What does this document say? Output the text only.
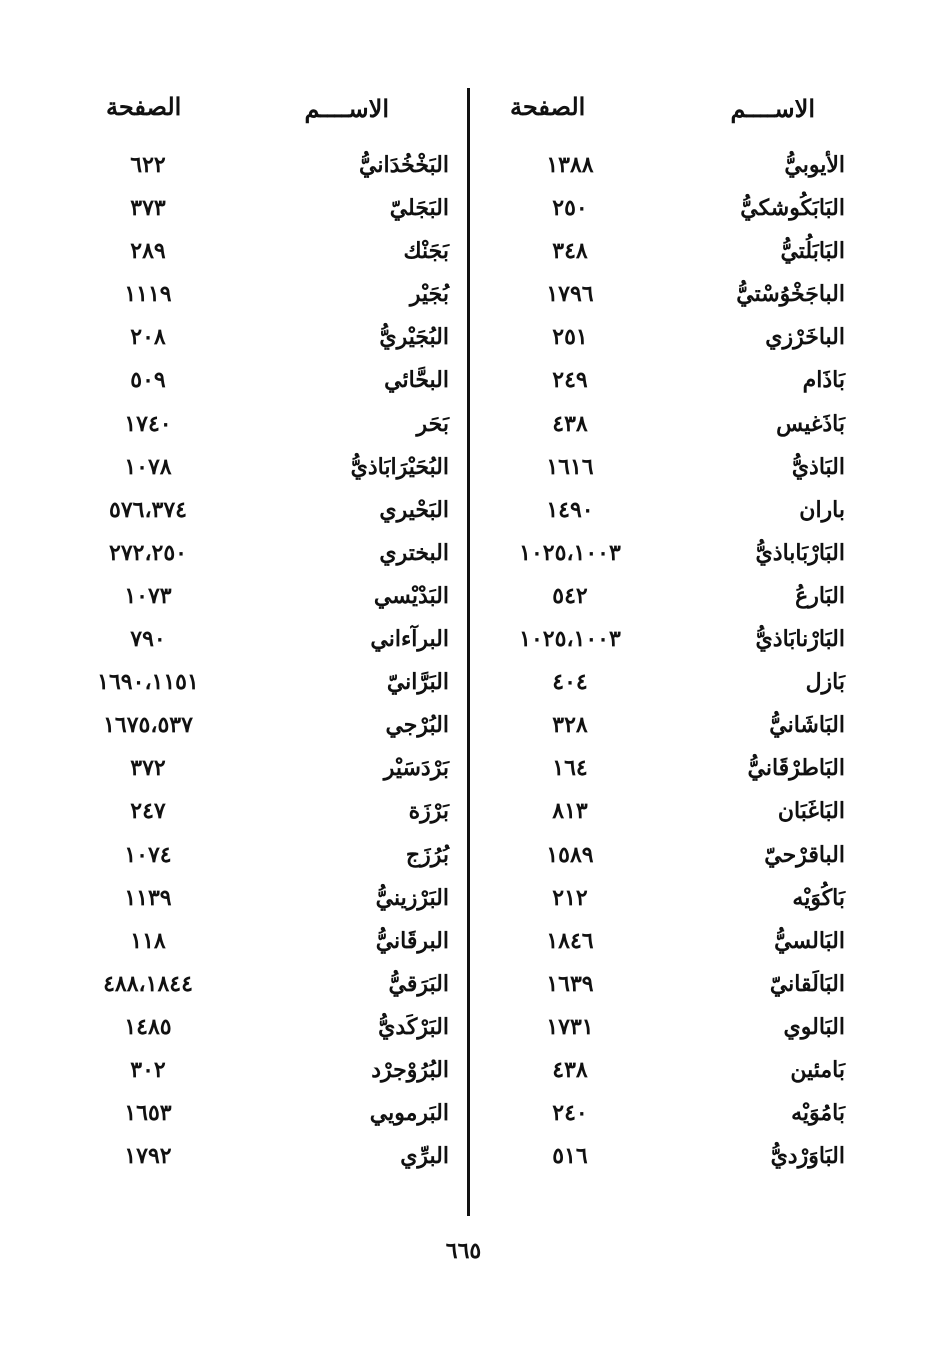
الاســــم
الصفحة
الأيوبيُّ
١٣٨٨
البَابَكُوشكيُّ
٢٥٠
البَابَلُتيُّ
٣٤٨
الباجَخْوُسْتيُّ
١٧٩٦
الباخَرْزي
٢٥١
بَاذَام
٢٤٩
بَاذَغيس
٤٣٨
البَاذيُّ
١٦١٦
باران
١٤٩٠
البَارْبَاباذيُّ
١٠٢٥،١٠٠٣
البَارعُ
٥٤٢
البَارْنابَاذيُّ
١٠٢٥،١٠٠٣
بَازل
٤٠٤
البَاشَانيُّ
٣٢٨
البَاطرْقَانيُّ
١٦٤
البَاغَبَان
٨١٣
الباقرْحيّ
١٥٨٩
بَاكُوَيْه
٢١٢
البَالسيُّ
١٨٤٦
البَالَقانيّ
١٦٣٩
البَالوي
١٧٣١
بَامئين
٤٣٨
بَامُوَيْه
٢٤٠
البَاوَرْديُّ
٥١٦
الاســــم
الصفحة
البَخْخُدَانيُّ
٦٢٢
البَجَليّ
٣٧٣
بَجَنْك
٢٨٩
بُجَيْر
١١١٩
البُجَيْريُّ
٢٠٨
البحَّائي
٥٠٩
بَحَر
١٧٤٠
البُحَيْرَابَاذيُّ
١٠٧٨
البَحْيري
٥٧٦،٣٧٤
البختري
٢٧٢،٢٥٠
البَدْيْسي
١٠٧٣
البرآءاني
٧٩٠
البَرَّانيّ
١٦٩٠،١١٥١
البُرْجي
١٦٧٥،٥٣٧
بَرْدَسَيْر
٣٧٢
بَرْزَة
٢٤٧
بُرُزَج
١٠٧٤
البَرْزينيُّ
١١٣٩
البرقَانيُّ
١١٨
البَرَقيُّ
٤٨٨،١٨٤٤
البَرْكَديُّ
١٤٨٥
البُرُوْجرْد
٣٠٢
البَرمويي
١٦٥٣
البرِّي
١٧٩٢
٦٦٥
